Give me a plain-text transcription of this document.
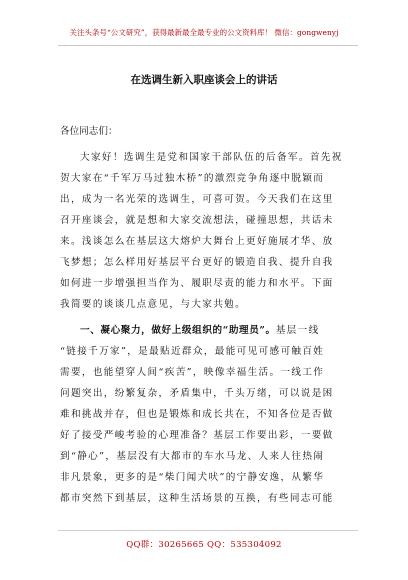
关注头条号“公文研究”，获得最新最全最专业的公文资料库！ 微信：gongwenyj
在选调生新入职座谈会上的讲话
各位同志们：
大家好！选调生是党和国家干部队伍的后备军。首先祝
贺大家在“千军万马过独木桥”的激烈竞争角逐中脱颖而
出，成为一名光荣的选调生，可喜可贺。今天我们在这里
召开座谈会，就是想和大家交流想法，碰撞思想，共话未
来。浅谈怎么在基层这大熔炉大舞台上更好施展才华、放
飞梦想；怎么样用好基层平台更好的锻造自我、提升自我
如何进一步增强担当作为、履职尽责的能力和水平。下面
我简要的谈谈几点意见，与大家共勉。
一、凝心聚力，做好上级组织的“助理员”。基层一线
“链接千万家”，是最贴近群众，最能可见可感可触百姓
需要，也能望穿人间“疾苦”，映像幸福生活。一线工作
问题突出，纷繁复杂，矛盾集中，千头万绪，可以说是困
难和挑战并存，但也是锻炼和成长共在，不知各位是否做
好了接受严峻考验的心理准备？基层工作要出彩，一要做
到“静心”，基层没有大都市的车水马龙、人来人往热闹
非凡景象，更多的是“柴门闻犬吠”的宁静安逸，从繁华
都市突然下到基层，这种生活场景的互换，有些同志可能
QQ群：30265665 QQ：535304092
